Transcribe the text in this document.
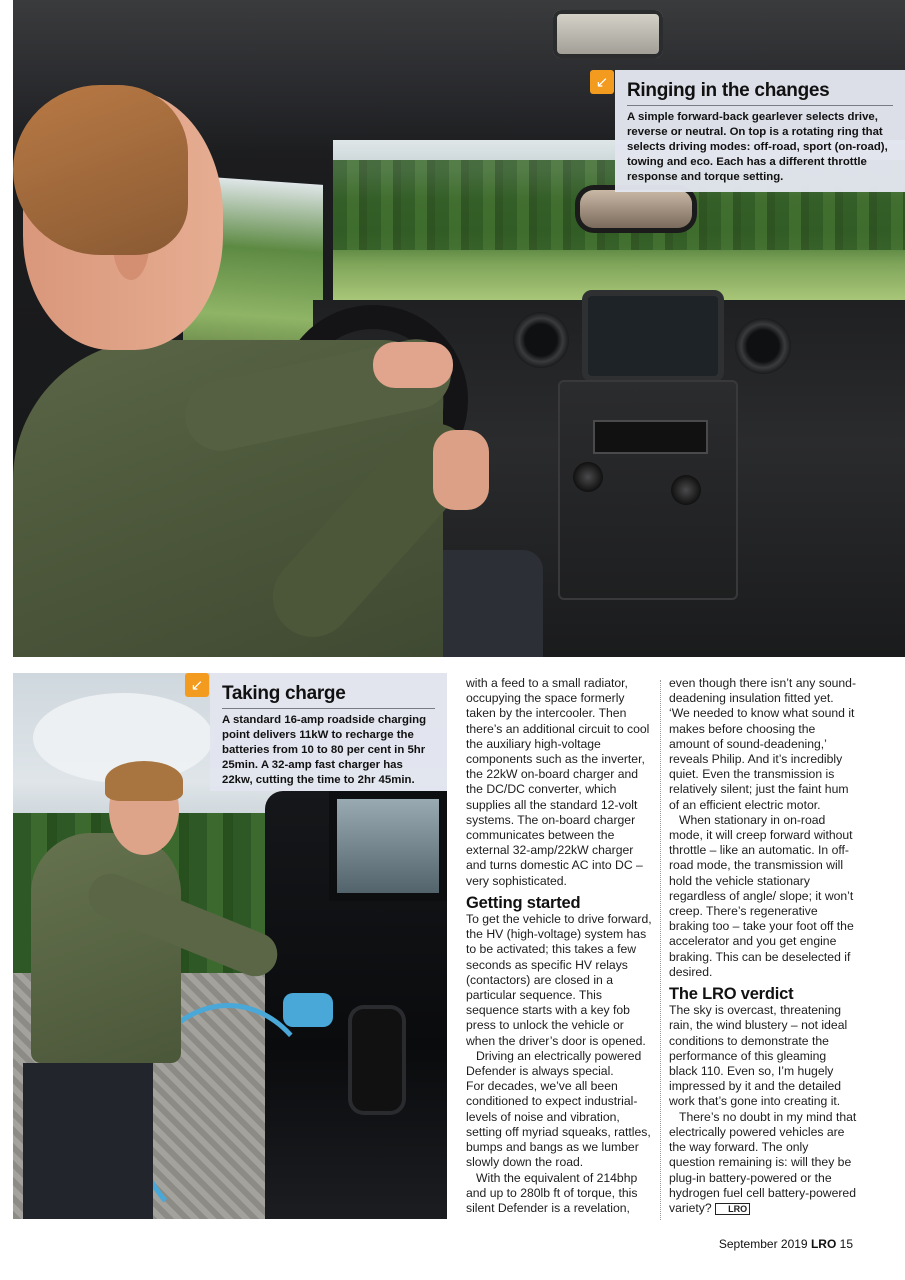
↙ Ringing in the changes

A simple forward-back gearlever selects drive, reverse or neutral. On top is a rotating ring that selects driving modes: off-road, sport (on-road), towing and eco. Each has a different throttle response and torque setting.

↙ Taking charge

A standard 16-amp roadside charging point delivers 11kW to recharge the batteries from 10 to 80 per cent in 5hr 25min. A 32-amp fast charger has 22kw, cutting the time to 2hr 45min.

with a feed to a small radiator, occupying the space formerly taken by the intercooler. Then there’s an additional circuit to cool the auxiliary high-voltage components such as the inverter, the 22kW on-board charger and the DC/DC converter, which supplies all the standard 12-volt systems. The on-board charger communicates between the external 32-amp/22kW charger and turns domestic AC into DC – very sophisticated.

Getting started

To get the vehicle to drive forward, the HV (high-voltage) system has to be activated; this takes a few seconds as specific HV relays (contactors) are closed in a particular sequence. This sequence starts with a key fob press to unlock the vehicle or when the driver’s door is opened.

Driving an electrically powered Defender is always special.

For decades, we’ve all been conditioned to expect industrial-levels of noise and vibration, setting off myriad squeaks, rattles, bumps and bangs as we lumber slowly down the road.

With the equivalent of 214bhp and up to 280lb ft of torque, this silent Defender is a revelation,

even though there isn’t any sound-deadening insulation fitted yet. ‘We needed to know what sound it makes before choosing the amount of sound-deadening,’ reveals Philip. And it’s incredibly quiet. Even the transmission is relatively silent; just the faint hum of an efficient electric motor.

When stationary in on-road mode, it will creep forward without throttle – like an automatic. In off-road mode, the transmission will hold the vehicle stationary regardless of angle/ slope; it won’t creep. There’s regenerative braking too – take your foot off the accelerator and you get engine braking. This can be deselected if desired.

The LRO verdict

The sky is overcast, threatening rain, the wind blustery – not ideal conditions to demonstrate the performance of this gleaming black 110. Even so, I’m hugely impressed by it and the detailed work that’s gone into creating it.

There’s no doubt in my mind that electrically powered vehicles are the way forward. The only question remaining is: will they be plug-in battery-powered or the hydrogen fuel cell battery-powered variety? LRO

September 2019 LRO 15
